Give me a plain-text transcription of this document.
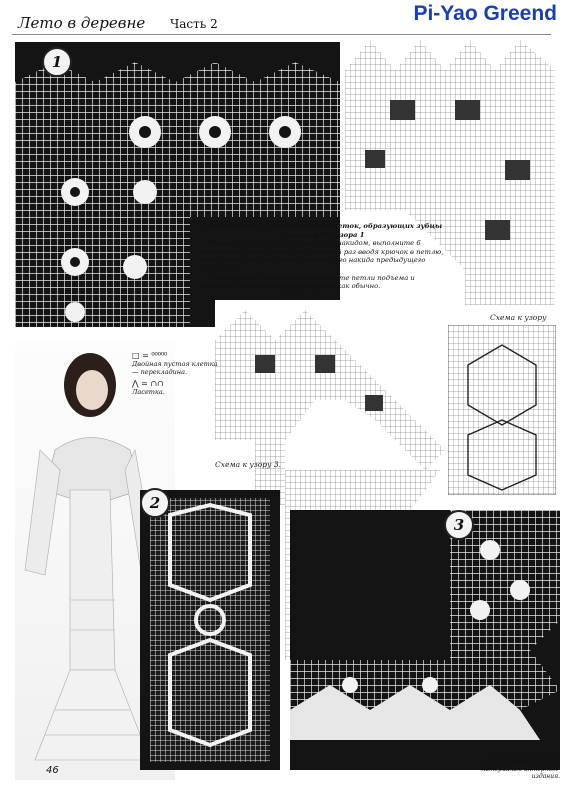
Лето в деревне Часть 2	Pi-Yao Greend
1
Прибавление 2-х заполненных клеток, образующих зубцы в конце ряда узора 1

Провяжите последний столбик с накидом, выполните 6 столбиков с двумя накидами, каждый раз вводя крючок в петлю, образовавшуюся при провязывании 1-го накида предыдущего столбика.

Далее работу поверните, выполните петли подъема и вяжите столбики следующего ряда как обычно.

Схема к узору 3.
Схема к узору
□ = ⁰⁰⁰⁰⁰
Двойная пустая клетка — перекладина.
⋀ = ∩∩
Ласетка.
2
3
Фото узоров даны по материалам интернет-издания.
46
